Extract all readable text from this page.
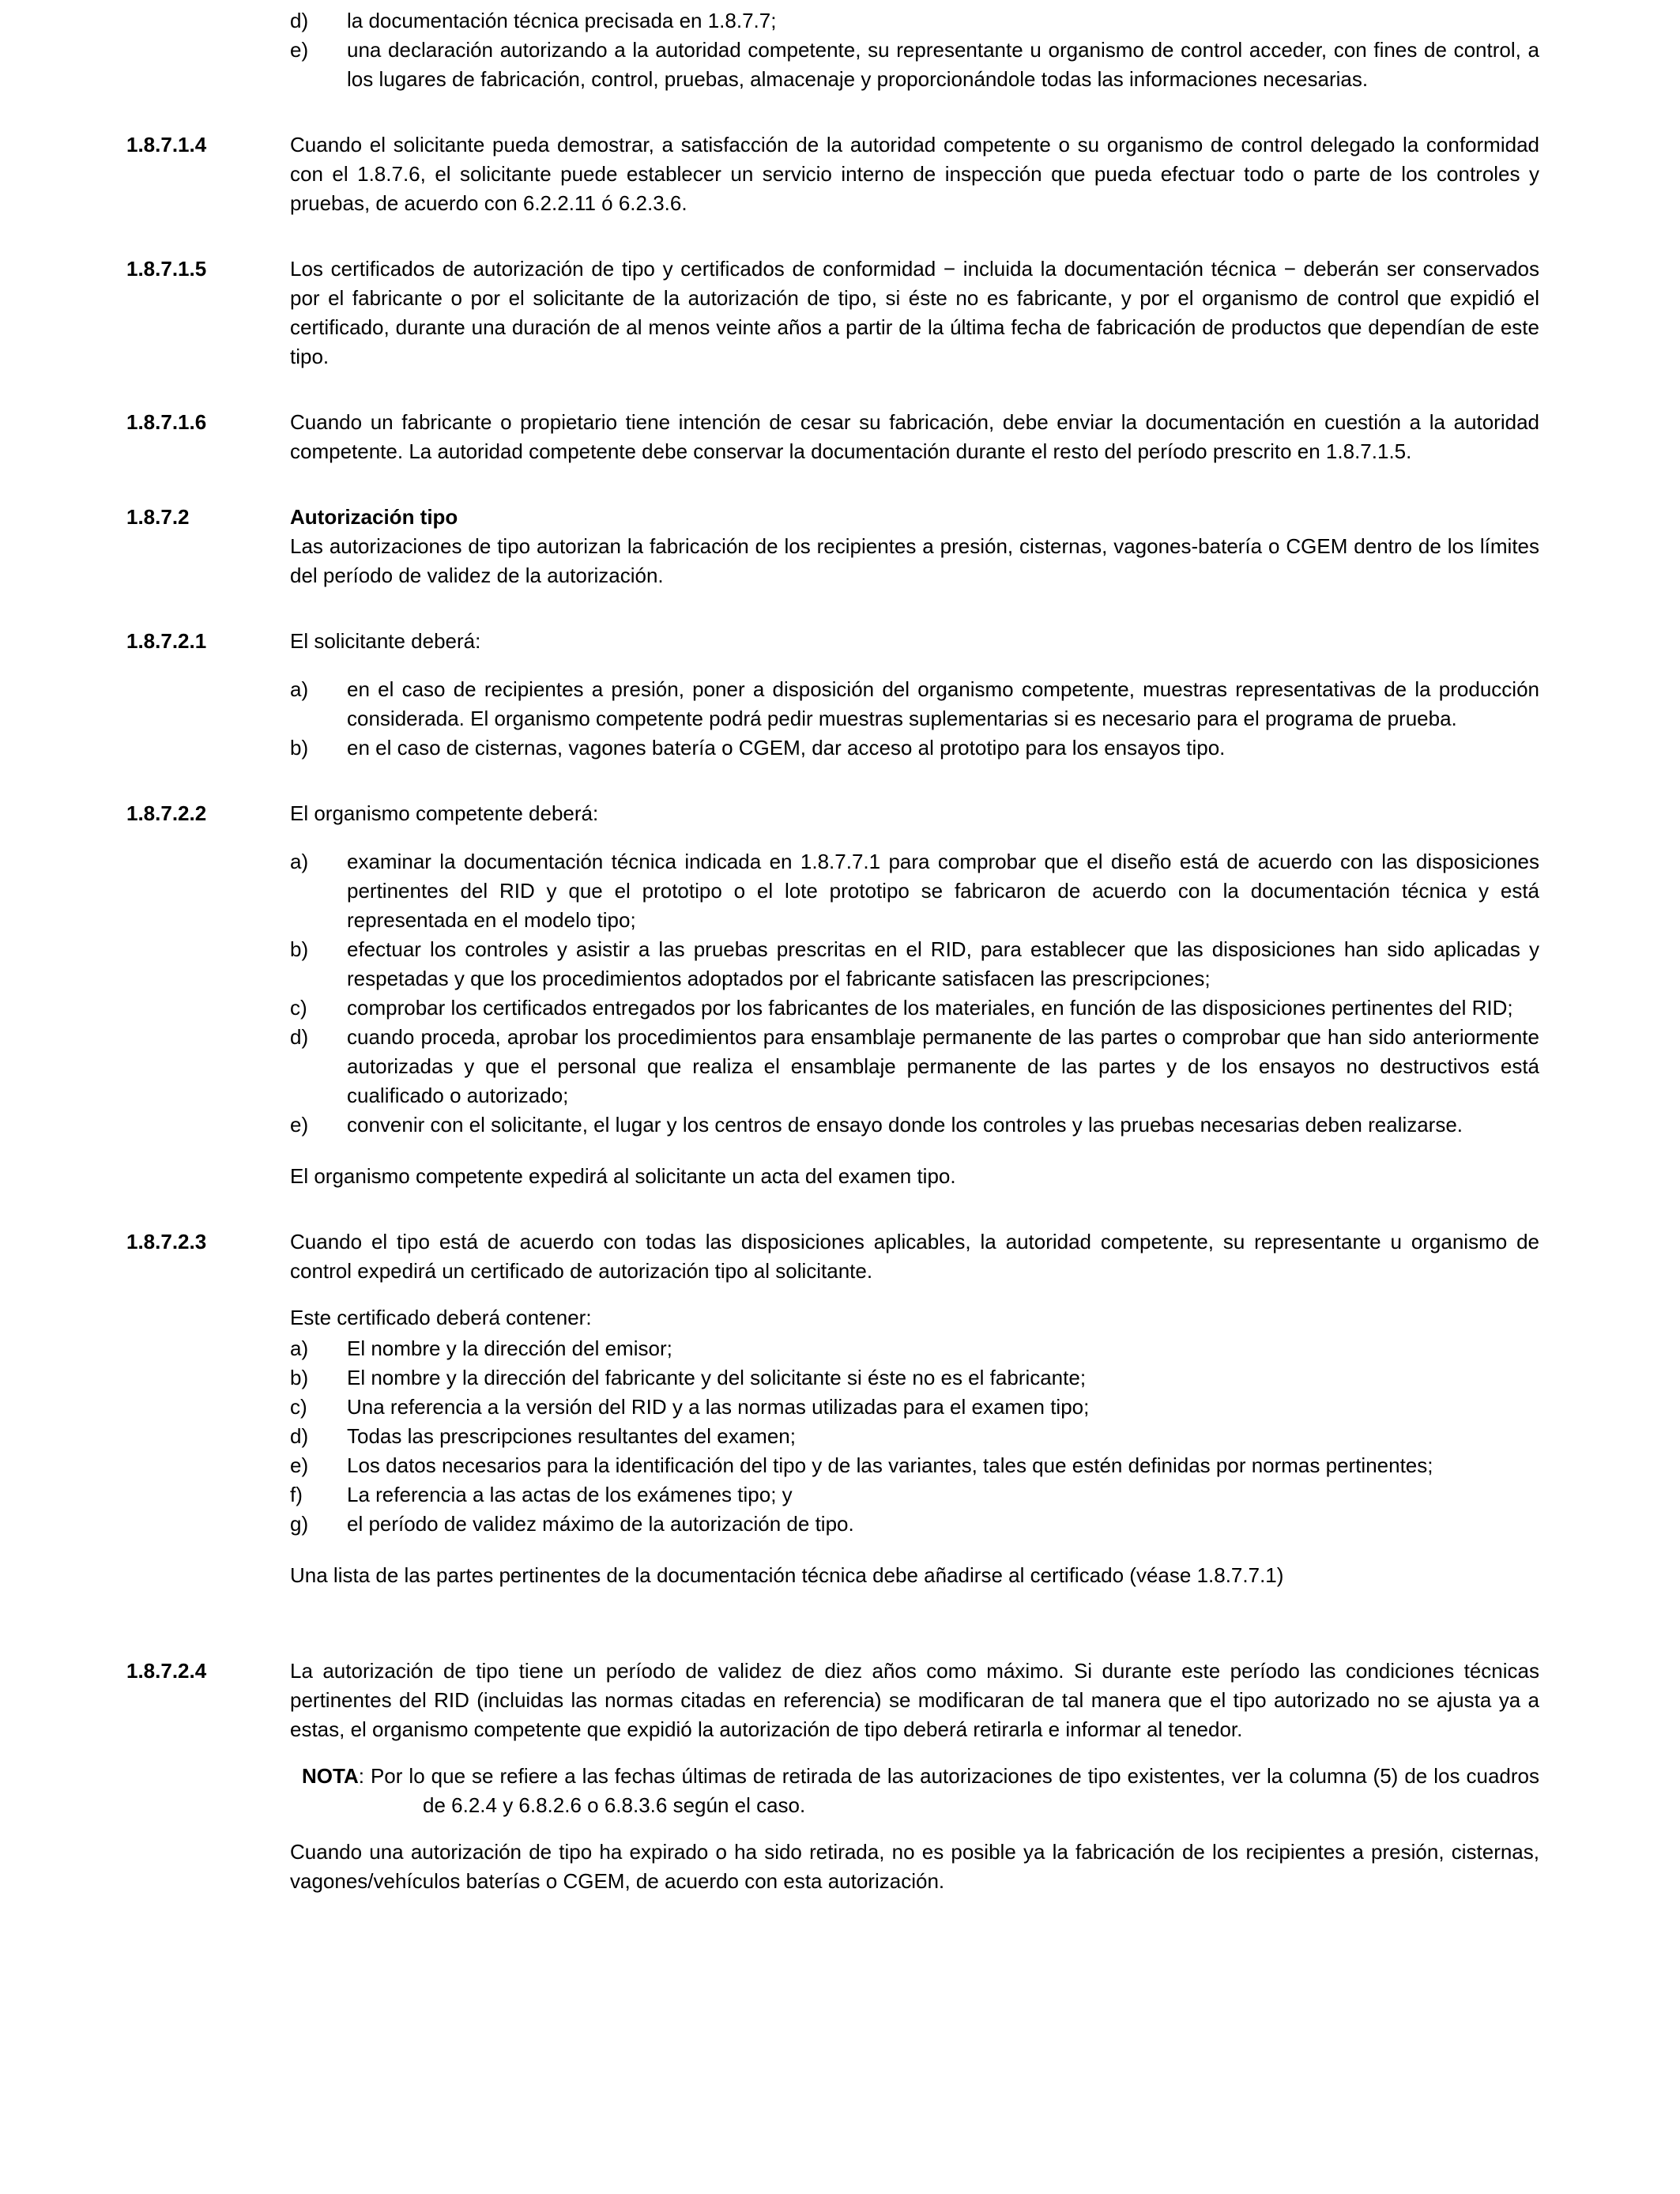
d)	la documentación técnica precisada en 1.8.7.7;
e)	una declaración autorizando a la autoridad competente, su representante u organismo de control acceder, con fines de control, a los lugares de fabricación, control, pruebas, almacenaje y proporcionándole todas las informaciones necesarias.
1.8.7.1.4	Cuando el solicitante pueda demostrar, a satisfacción de la autoridad competente o su organismo de control delegado la conformidad con el 1.8.7.6, el solicitante puede establecer un servicio interno de inspección que pueda efectuar todo o parte de los controles y pruebas, de acuerdo con 6.2.2.11 ó 6.2.3.6.
1.8.7.1.5	Los certificados de autorización de tipo y certificados de conformidad − incluida la documentación técnica − deberán ser conservados por el fabricante o por el solicitante de la autorización de tipo, si éste no es fabricante, y por el organismo de control que expidió el certificado, durante una duración de al menos veinte años a partir de la última fecha de fabricación de productos que dependían de este tipo.
1.8.7.1.6	Cuando un fabricante o propietario tiene intención de cesar su fabricación, debe enviar la documentación en cuestión a la autoridad competente. La autoridad competente debe conservar la documentación durante el resto del período prescrito en 1.8.7.1.5.
1.8.7.2	Autorización tipo
Las autorizaciones de tipo autorizan la fabricación de los recipientes a presión, cisternas, vagones-batería o CGEM dentro de los límites del período de validez de la autorización.
1.8.7.2.1	El solicitante deberá:
a)	en el caso de recipientes a presión, poner a disposición del organismo competente, muestras representativas de la producción considerada. El organismo competente podrá pedir muestras suplementarias si es necesario para el programa de prueba.
b)	en el caso de cisternas, vagones batería o CGEM, dar acceso al prototipo para los ensayos tipo.
1.8.7.2.2	El organismo competente deberá:
a)	examinar la documentación técnica indicada en 1.8.7.7.1 para comprobar que el diseño está de acuerdo con las disposiciones pertinentes del RID y que el prototipo o el lote prototipo se fabricaron de acuerdo con la documentación técnica y está representada en el modelo tipo;
b)	efectuar los controles y asistir a las pruebas prescritas en el RID, para establecer que las disposiciones han sido aplicadas y respetadas y que los procedimientos adoptados por el fabricante satisfacen las prescripciones;
c)	comprobar los certificados entregados por los fabricantes de los materiales, en función de las disposiciones pertinentes del RID;
d)	cuando proceda, aprobar los procedimientos para ensamblaje permanente de las partes o comprobar que han sido anteriormente autorizadas y que el personal que realiza el ensamblaje permanente de las partes y de los ensayos no destructivos está cualificado o autorizado;
e)	convenir con el solicitante, el lugar y los centros de ensayo donde los controles y las pruebas necesarias deben realizarse.
El organismo competente expedirá al solicitante un acta del examen tipo.
1.8.7.2.3	Cuando el tipo está de acuerdo con todas las disposiciones aplicables, la autoridad competente, su representante u organismo de control expedirá un certificado de autorización tipo al solicitante.
Este certificado deberá contener:
a)	El nombre y la dirección del emisor;
b)	El nombre y la dirección del fabricante y del solicitante si éste no es el fabricante;
c)	Una referencia a la versión del RID y a las normas utilizadas para el examen tipo;
d)	Todas las prescripciones resultantes del examen;
e)	Los datos necesarios para la identificación del tipo y de las variantes, tales que estén definidas por normas pertinentes;
f)	La referencia a las actas de los exámenes tipo; y
g)	el período de validez máximo de la autorización de tipo.
Una lista de las partes pertinentes de la documentación técnica debe añadirse al certificado (véase 1.8.7.7.1)
1.8.7.2.4	La autorización de tipo tiene un período de validez de diez años como máximo. Si durante este período las condiciones técnicas pertinentes del RID (incluidas las normas citadas en referencia) se modificaran de tal manera que el tipo autorizado no se ajusta ya a estas, el organismo competente que expidió la autorización de tipo deberá retirarla e informar al tenedor.
NOTA: Por lo que se refiere a las fechas últimas de retirada de las autorizaciones de tipo existentes, ver la columna (5) de los cuadros de 6.2.4 y 6.8.2.6 o 6.8.3.6 según el caso.
Cuando una autorización de tipo ha expirado o ha sido retirada, no es posible ya la fabricación de los recipientes a presión, cisternas, vagones/vehículos baterías o CGEM, de acuerdo con esta autorización.
